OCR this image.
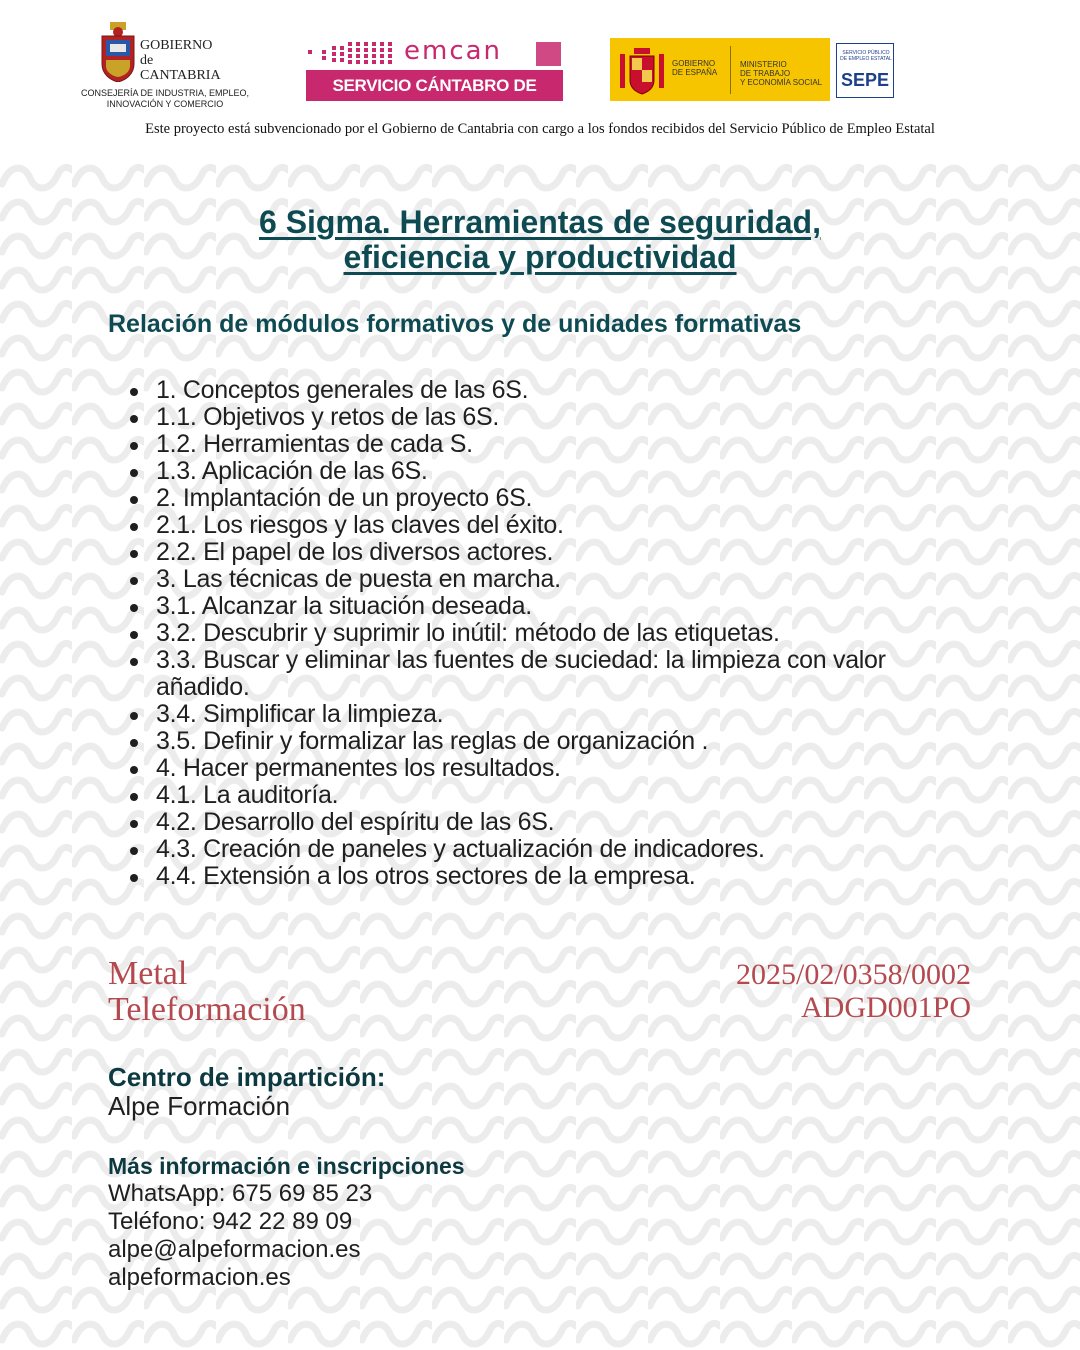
GOBIERNO
de
CANTABRIA
CONSEJERÍA DE INDUSTRIA, EMPLEO,
INNOVACIÓN Y COMERCIO
emcan
SERVICIO CÁNTABRO DE EMPLEO
GOBIERNO
DE ESPAÑA
MINISTERIO
DE TRABAJO
Y ECONOMÍA SOCIAL
SERVICIO PÚBLICO
DE EMPLEO ESTATAL
SEPE
Este proyecto está subvencionado por el Gobierno de Cantabria con cargo a los fondos recibidos del Servicio Público de Empleo Estatal
6 Sigma. Herramientas de seguridad,
eficiencia y productividad
Relación de módulos formativos y de unidades formativas
1. Conceptos generales de las 6S.
1.1. Objetivos y retos de las 6S.
1.2. Herramientas de cada S.
1.3. Aplicación de las 6S.
2. Implantación de un proyecto 6S.
2.1. Los riesgos y las claves del éxito.
2.2. El papel de los diversos actores.
3. Las técnicas de puesta en marcha.
3.1. Alcanzar la situación deseada.
3.2. Descubrir y suprimir lo inútil: método de las etiquetas.
3.3. Buscar y eliminar las fuentes de suciedad: la limpieza con valor añadido.
3.4. Simplificar la limpieza.
3.5. Definir y formalizar las reglas de organización .
4. Hacer permanentes los resultados.
4.1. La auditoría.
4.2. Desarrollo del espíritu de las 6S.
4.3. Creación de paneles y actualización de indicadores.
4.4. Extensión a los otros sectores de la empresa.
Metal
Teleformación
2025/02/0358/0002
ADGD001PO
Centro de impartición:
Alpe Formación
Más información e inscripciones
WhatsApp: 675 69 85 23
Teléfono: 942 22 89 09
alpe@alpeformacion.es
alpeformacion.es
